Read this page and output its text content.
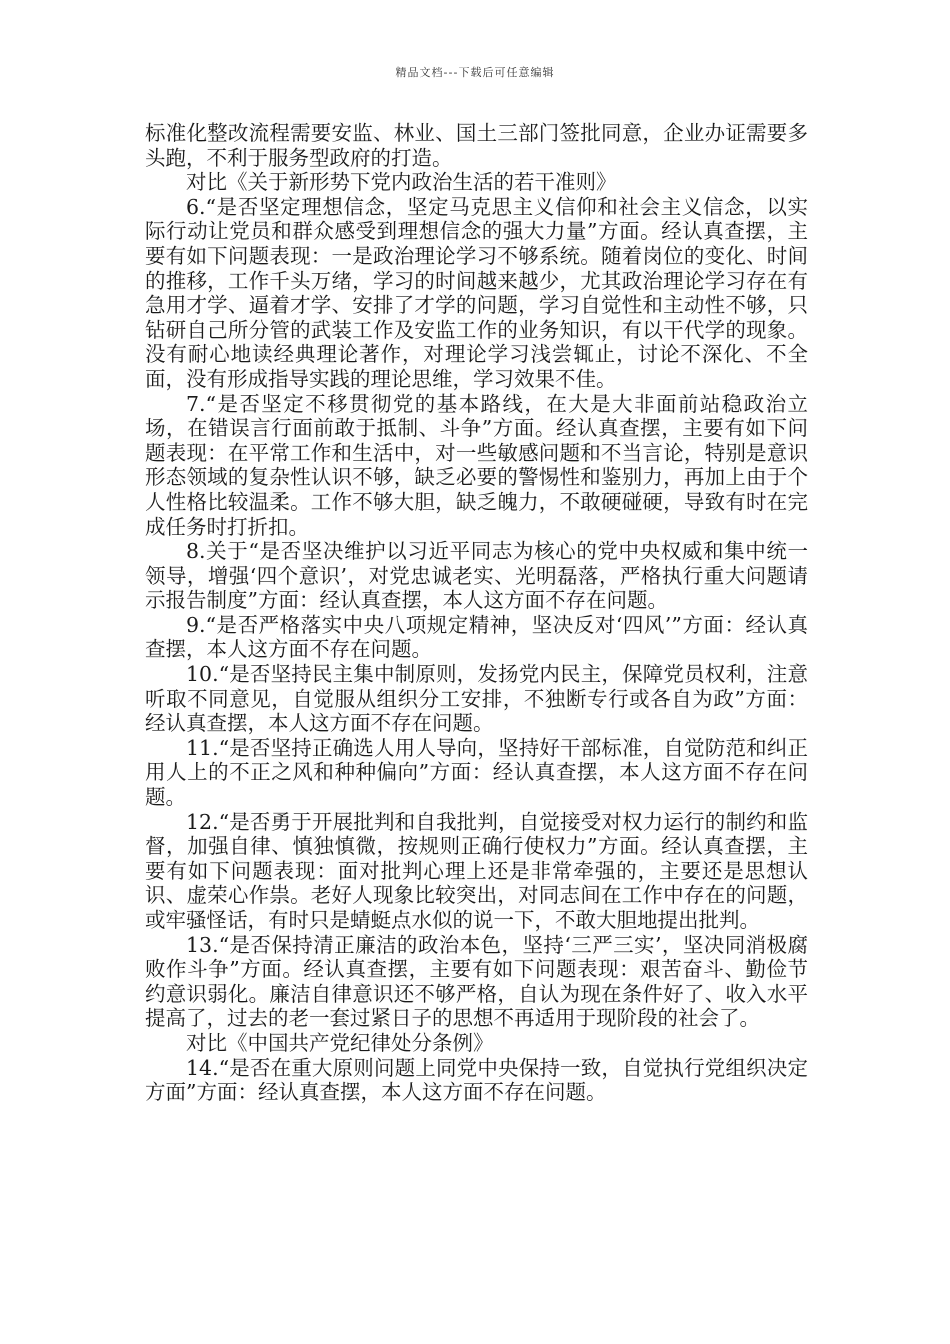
精品文档---下载后可任意编辑

标准化整改流程需要安监、林业、国土三部门签批同意，企业办证需要多头跑，不利于服务型政府的打造。

对比《关于新形势下党内政治生活的若干准则》

6.“是否坚定理想信念，坚定马克思主义信仰和社会主义信念，以实际行动让党员和群众感受到理想信念的强大力量”方面。经认真查摆，主要有如下问题表现：一是政治理论学习不够系统。随着岗位的变化、时间的推移，工作千头万绪，学习的时间越来越少，尤其政治理论学习存在有急用才学、逼着才学、安排了才学的问题，学习自觉性和主动性不够，只钻研自己所分管的武装工作及安监工作的业务知识，有以干代学的现象。没有耐心地读经典理论著作，对理论学习浅尝辄止，讨论不深化、不全面，没有形成指导实践的理论思维，学习效果不佳。

7.“是否坚定不移贯彻党的基本路线，在大是大非面前站稳政治立场，在错误言行面前敢于抵制、斗争”方面。经认真查摆，主要有如下问题表现：在平常工作和生活中，对一些敏感问题和不当言论，特别是意识形态领域的复杂性认识不够，缺乏必要的警惕性和鉴别力，再加上由于个人性格比较温柔。工作不够大胆，缺乏魄力，不敢硬碰硬，导致有时在完成任务时打折扣。

8.关于“是否坚决维护以习近平同志为核心的党中央权威和集中统一领导，增强‘四个意识’，对党忠诚老实、光明磊落，严格执行重大问题请示报告制度”方面：经认真查摆，本人这方面不存在问题。

9.“是否严格落实中央八项规定精神，坚决反对‘四风’”方面：经认真查摆，本人这方面不存在问题。

10.“是否坚持民主集中制原则，发扬党内民主，保障党员权利，注意听取不同意见，自觉服从组织分工安排，不独断专行或各自为政”方面：经认真查摆，本人这方面不存在问题。

11.“是否坚持正确选人用人导向，坚持好干部标准，自觉防范和纠正用人上的不正之风和种种偏向”方面：经认真查摆，本人这方面不存在问题。

12.“是否勇于开展批判和自我批判，自觉接受对权力运行的制约和监督，加强自律、慎独慎微，按规则正确行使权力”方面。经认真查摆，主要有如下问题表现：面对批判心理上还是非常牵强的，主要还是思想认识、虚荣心作祟。老好人现象比较突出，对同志间在工作中存在的问题，或牢骚怪话，有时只是蜻蜓点水似的说一下，不敢大胆地提出批判。

13.“是否保持清正廉洁的政治本色，坚持‘三严三实’，坚决同消极腐败作斗争”方面。经认真查摆，主要有如下问题表现：艰苦奋斗、勤俭节约意识弱化。廉洁自律意识还不够严格，自认为现在条件好了、收入水平提高了，过去的老一套过紧日子的思想不再适用于现阶段的社会了。

对比《中国共产党纪律处分条例》

14.“是否在重大原则问题上同党中央保持一致，自觉执行党组织决定方面”方面：经认真查摆，本人这方面不存在问题。
